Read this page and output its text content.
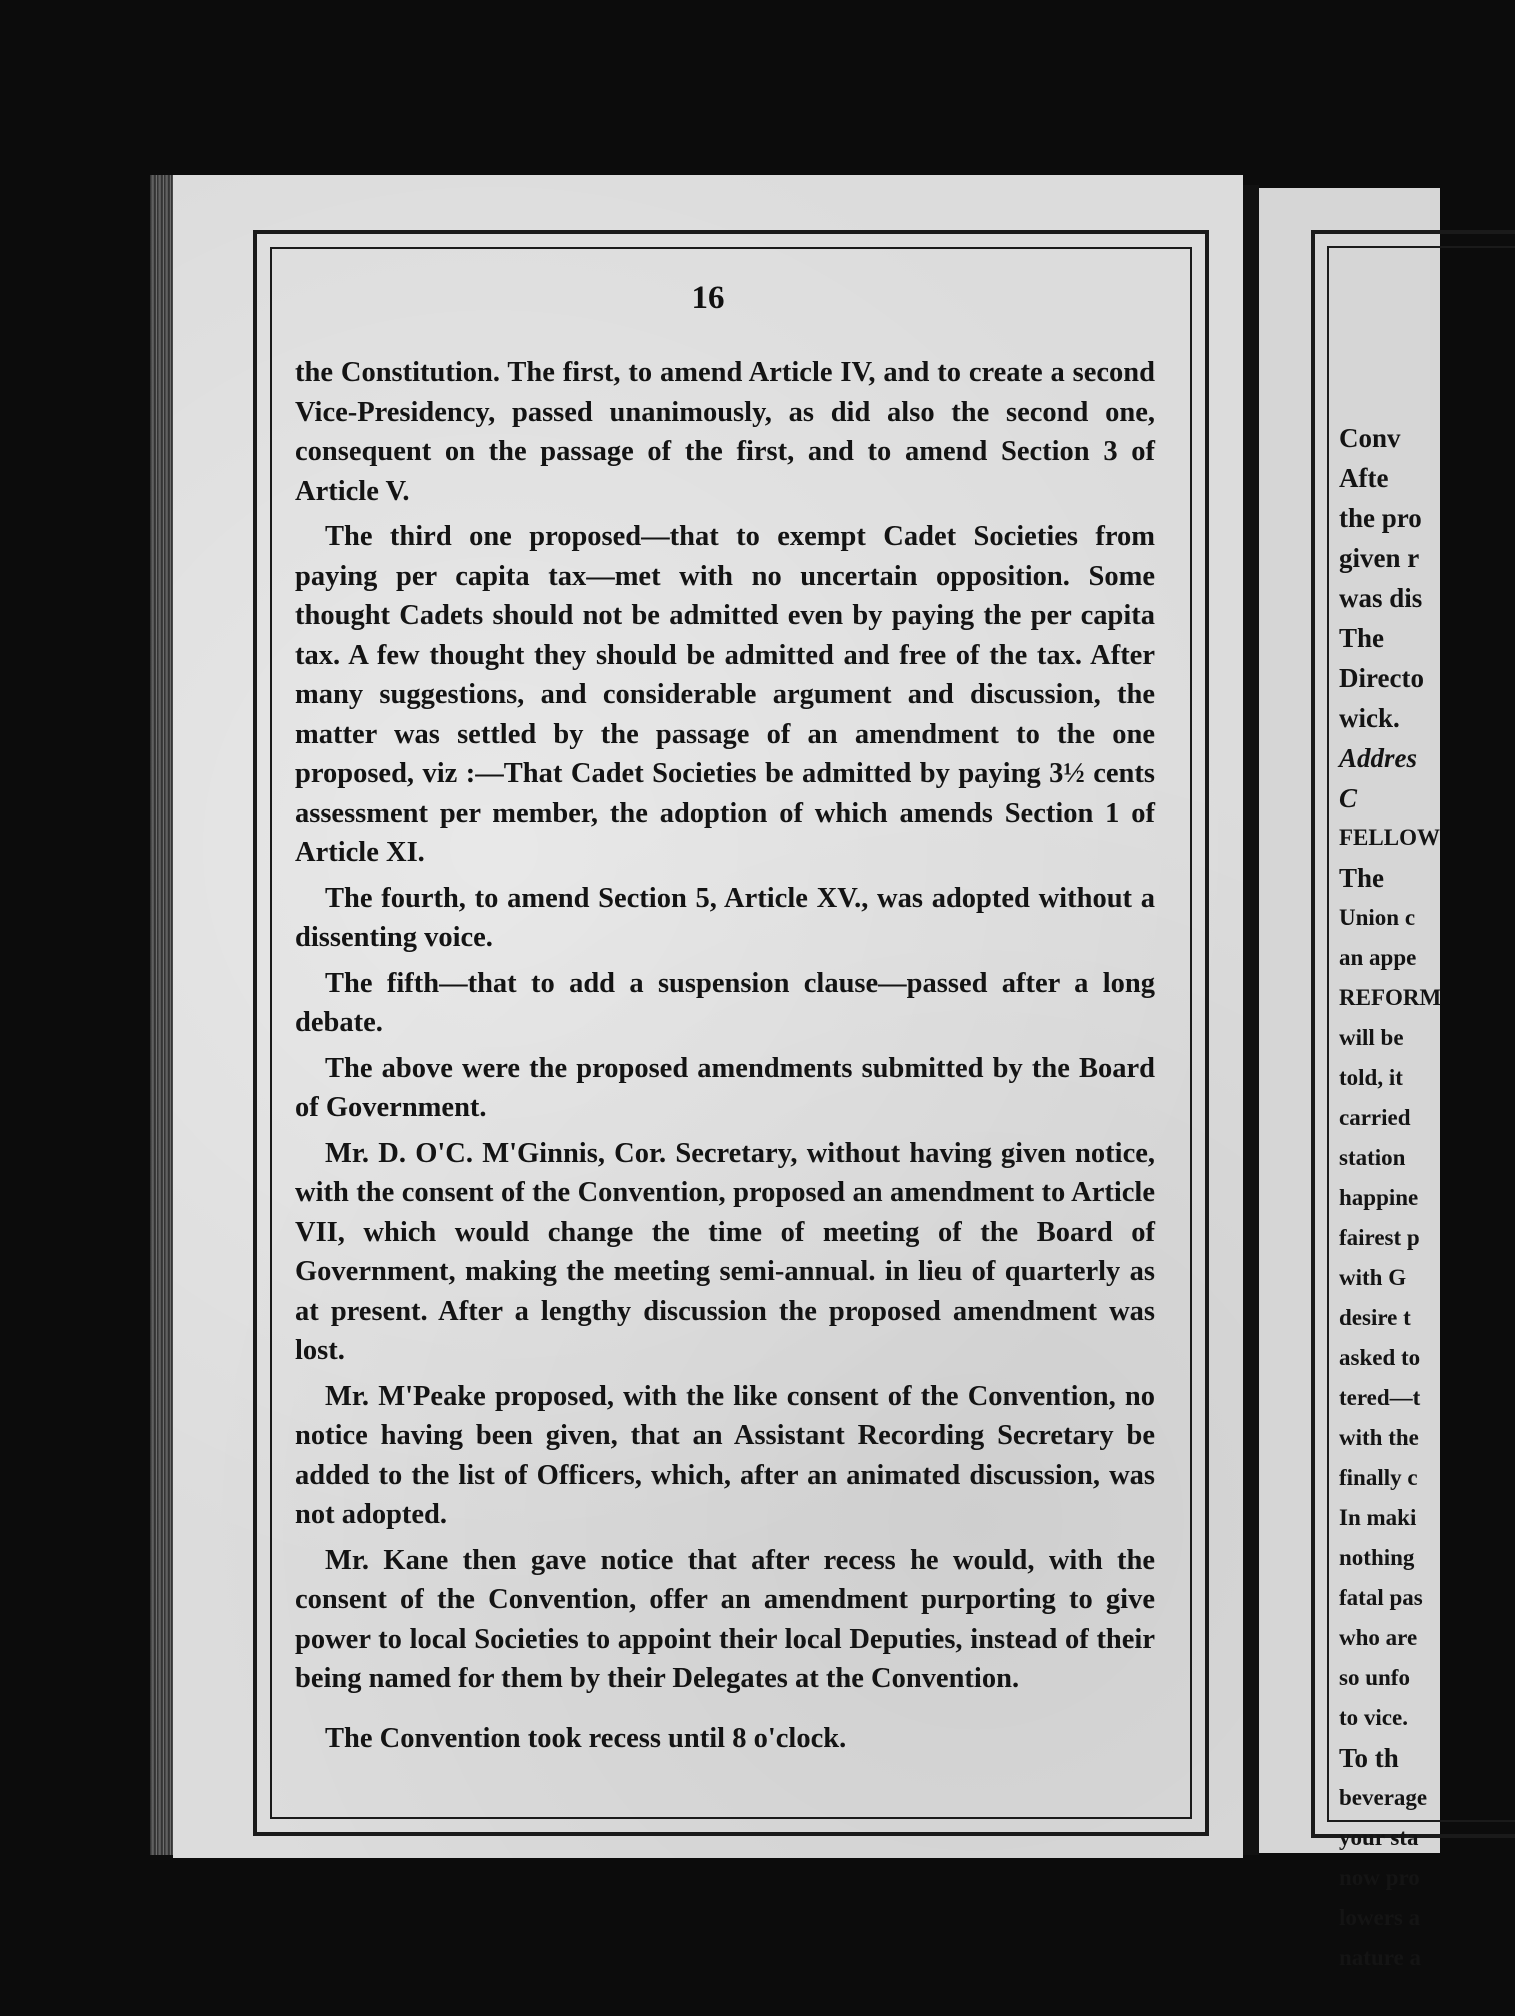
16

the Constitution. The first, to amend Article IV, and to create a second Vice-Presidency, passed unanimously, as did also the second one, consequent on the passage of the first, and to amend Section 3 of Article V.

The third one proposed—that to exempt Cadet Societies from paying per capita tax—met with no uncertain opposition. Some thought Cadets should not be admitted even by paying the per capita tax. A few thought they should be admitted and free of the tax. After many suggestions, and considerable argument and discussion, the matter was settled by the passage of an amendment to the one proposed, viz :—That Cadet Societies be admitted by paying 3½ cents assessment per member, the adoption of which amends Section 1 of Article XI.

The fourth, to amend Section 5, Article XV., was adopted without a dissenting voice.

The fifth—that to add a suspension clause—passed after a long debate.

The above were the proposed amendments submitted by the Board of Government.

Mr. D. O'C. M'Ginnis, Cor. Secretary, without having given notice, with the consent of the Convention, proposed an amendment to Article VII, which would change the time of meeting of the Board of Government, making the meeting semi-annual. in lieu of quarterly as at present. After a lengthy discussion the proposed amendment was lost.

Mr. M'Peake proposed, with the like consent of the Convention, no notice having been given, that an Assistant Recording Secretary be added to the list of Officers, which, after an animated discussion, was not adopted.

Mr. Kane then gave notice that after recess he would, with the consent of the Convention, offer an amendment purporting to give power to local Societies to appoint their local Deputies, instead of their being named for them by their Delegates at the Convention.

The Convention took recess until 8 o'clock.

Conv
Afte
the pro
given r
was dis
The
Directo
wick.
Addres
C
FELLOW
The
Union c
an appe
REFORM
will be
told, it
carried
station
happine
fairest p
with G
desire t
asked to
tered—t
with the
finally c
In maki
nothing
fatal pas
who are
so unfo
to vice.
To th
beverage
your sta
now pro
lowers a
nature a
